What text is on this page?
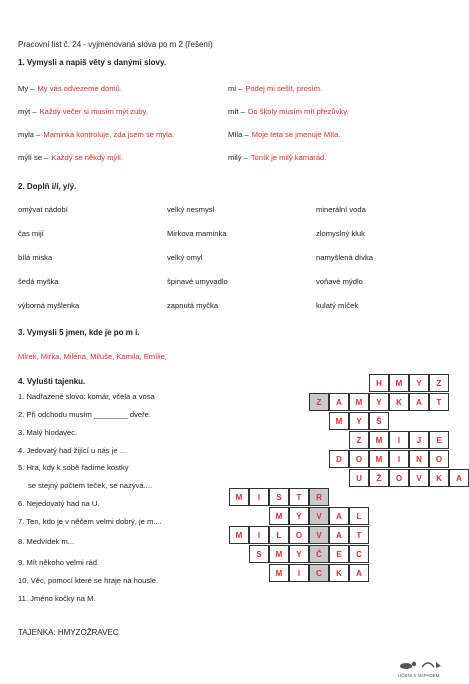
Pracovní list č. 24 - vyjmenovaná slova po m 2 (řešení)
1. Vymysli a napiš věty s danými slovy.
My – My vás odvezeme domů.	mi – Podej mi sešit, prosím.
mýt – Každý večer si musím mýt zuby.	mít – Do školy musím mít přezůvky.
myla – Maminka kontroluje, zda jsem se myla.	Míla – Moje teta se jmenuje Míla.
mýlí se – Každý se někdy mýlí.	milý – Toník je milý kamarád.
2. Doplň i/í, y/ý.
omývat nádobí	velký nesmysl	minerální voda
čas mijí	Mirkova maminka	zlomyslný kluk
bílá miska	velký omyl	namyšlená dívka
šedá myška	špinavé umyvadlo	voňavé mýdlo
výborná myšlenka	zapnutá myčka	kulatý míček
3. Vymysli 5 jmen, kde je po m i.
Mirek, Mirka, Milena, Miluše, Kamila, Emílie,
4. Vylušti tajenku.
1. Nadřazené slovo: komár, včela a vosa
2. Při odchodu musím ________ dveře.
3. Malý hlodavec.
4. Jedovatý had žijící u nás je ...
5. Hra, kdy k sobě řadíme kostky
se stejný počtem teček, se nazývá....
6. Nejedovatý had na U.
7. Ten, kdo je v něčem velmi dobrý, je m....
8. Medvídek m...
9. Mít někoho velmi rád.
10. Věc, pomocí které se hraje na housle.
11. Jméno kočky na M.
H	M	Y	Z
Z	A	M	Y	K	A	T
M	Y	Š
Z	M	I	J	E
D	O	M	I	N	O
U	Ž	O	V	K	A
M	I	S	T	R
M	Ý	V	A	L
M	I	L	O	V	A	T
S	M	Y	Č	E	C
M	I	C	K	A
TAJENKA: HMYZOŽRAVEC
UČENÍ S NÁPADEM
